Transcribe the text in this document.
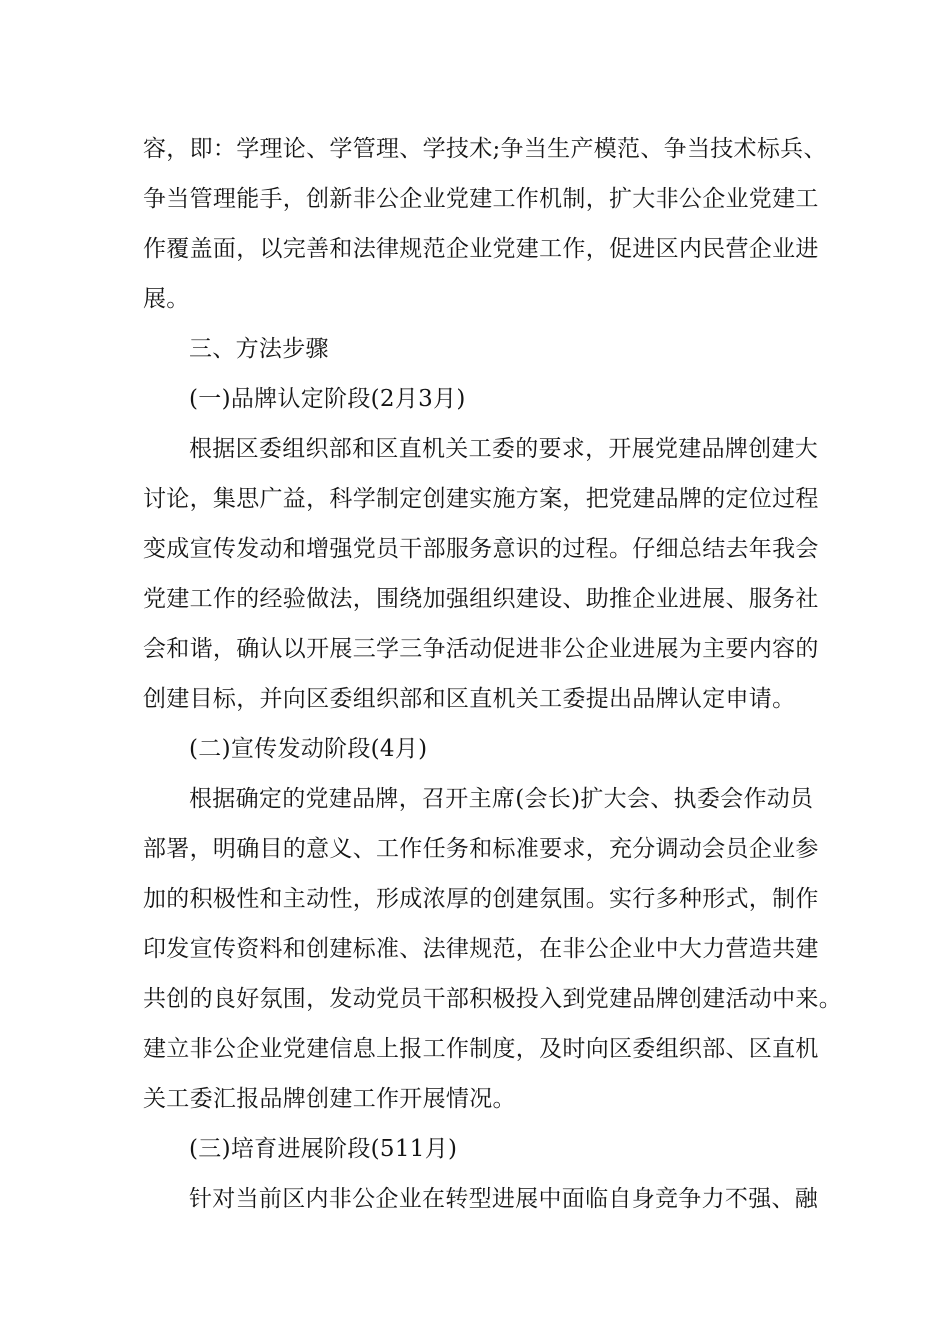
容，即：学理论、学管理、学技术;争当生产模范、争当技术标兵、
争当管理能手，创新非公企业党建工作机制，扩大非公企业党建工
作覆盖面，以完善和法律规范企业党建工作，促进区内民营企业进
展。
三、方法步骤
(一)品牌认定阶段(2月3月)
根据区委组织部和区直机关工委的要求，开展党建品牌创建大
讨论，集思广益，科学制定创建实施方案，把党建品牌的定位过程
变成宣传发动和增强党员干部服务意识的过程。仔细总结去年我会
党建工作的经验做法，围绕加强组织建设、助推企业进展、服务社
会和谐，确认以开展三学三争活动促进非公企业进展为主要内容的
创建目标，并向区委组织部和区直机关工委提出品牌认定申请。
(二)宣传发动阶段(4月)
根据确定的党建品牌，召开主席(会长)扩大会、执委会作动员
部署，明确目的意义、工作任务和标准要求，充分调动会员企业参
加的积极性和主动性，形成浓厚的创建氛围。实行多种形式，制作
印发宣传资料和创建标准、法律规范，在非公企业中大力营造共建
共创的良好氛围，发动党员干部积极投入到党建品牌创建活动中来。
建立非公企业党建信息上报工作制度，及时向区委组织部、区直机
关工委汇报品牌创建工作开展情况。
(三)培育进展阶段(511月)
针对当前区内非公企业在转型进展中面临自身竞争力不强、融
